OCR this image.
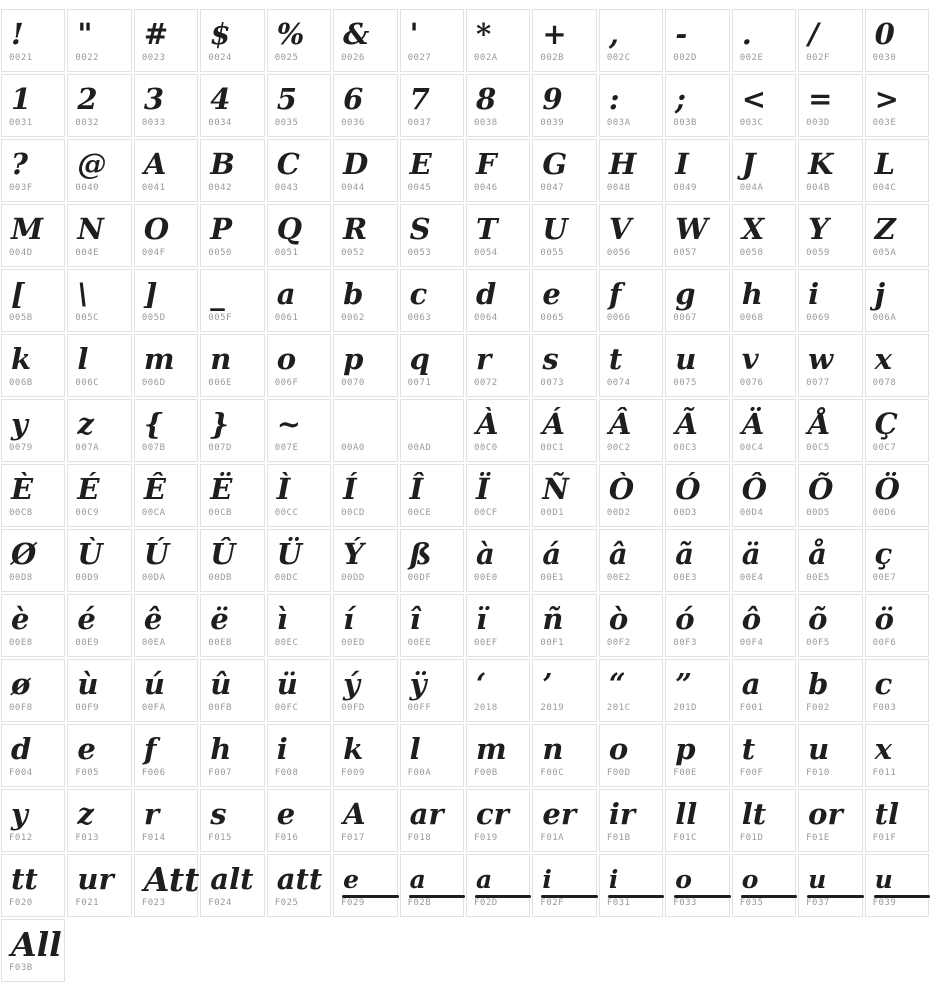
!
0021
"
0022
#
0023
$
0024
%
0025
&
0026
'
0027
*
002A
+
002B
,
002C
-
002D
.
002E
/
002F
0
0030
1
0031
2
0032
3
0033
4
0034
5
0035
6
0036
7
0037
8
0038
9
0039
:
003A
;
003B
<
003C
=
003D
>
003E
?
003F
@
0040
A
0041
B
0042
C
0043
D
0044
E
0045
F
0046
G
0047
H
0048
I
0049
J
004A
K
004B
L
004C
M
004D
N
004E
O
004F
P
0050
Q
0051
R
0052
S
0053
T
0054
U
0055
V
0056
W
0057
X
0058
Y
0059
Z
005A
[
005B
\
005C
]
005D
_
005F
a
0061
b
0062
c
0063
d
0064
e
0065
f
0066
g
0067
h
0068
i
0069
j
006A
k
006B
l
006C
m
006D
n
006E
o
006F
p
0070
q
0071
r
0072
s
0073
t
0074
u
0075
v
0076
w
0077
x
0078
y
0079
z
007A
{
007B
}
007D
~
007E	00A0	00AD
À
00C0
Á
00C1
Â
00C2
Ã
00C3
Ä
00C4
Å
00C5
Ç
00C7
È
00C8
É
00C9
Ê
00CA
Ë
00CB
Ì
00CC
Í
00CD
Î
00CE
Ï
00CF
Ñ
00D1
Ò
00D2
Ó
00D3
Ô
00D4
Õ
00D5
Ö
00D6
Ø
00D8
Ù
00D9
Ú
00DA
Û
00DB
Ü
00DC
Ý
00DD
ß
00DF
à
00E0
á
00E1
â
00E2
ã
00E3
ä
00E4
å
00E5
ç
00E7
è
00E8
é
00E9
ê
00EA
ë
00EB
ì
00EC
í
00ED
î
00EE
ï
00EF
ñ
00F1
ò
00F2
ó
00F3
ô
00F4
õ
00F5
ö
00F6
ø
00F8
ù
00F9
ú
00FA
û
00FB
ü
00FC
ý
00FD
ÿ
00FF
‘
2018
’
2019
“
201C
”
201D
a
F001
b
F002
c
F003
d
F004
e
F005
f
F006
h
F007
i
F008
k
F009
l
F00A
m
F00B
n
F00C
o
F00D
p
F00E
t
F00F
u
F010
x
F011
y
F012
z
F013
r
F014
s
F015
e
F016
A
F017
ar
F018
cr
F019
er
F01A
ir
F01B
ll
F01C
lt
F01D
or
F01E
tl
F01F
tt
F020
ur
F021
Att
F023
alt
F024
att
F025
e
F029
a
F02B
a
F02D
i
F02F
i
F031
o
F033
o
F035
u
F037
u
F039
All
F03B
